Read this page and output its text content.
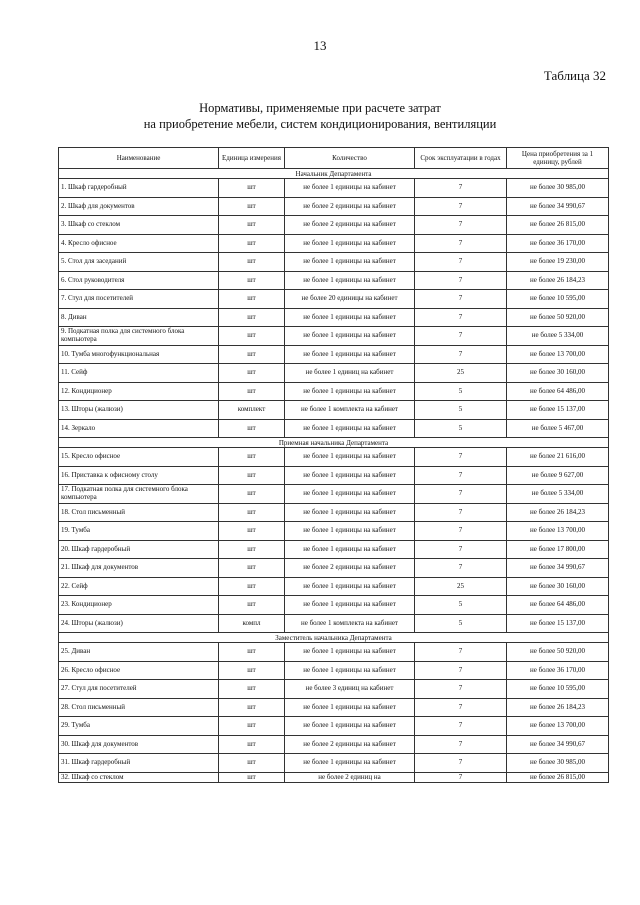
13
Таблица 32
Нормативы, применяемые при расчете затрат
на приобретение мебели, систем кондиционирования, вентиляции
Наименование	Единица измерения	Количество	Срок эксплуатации в годах	Цена приобретения за 1 единицу, рублей
Начальник Департамента				
1. Шкаф гардеробный	шт	не более 1 единицы на кабинет	7	не более 30 985,00
2. Шкаф для документов	шт	не более 2 единицы на кабинет	7	не более 34 990,67
3. Шкаф со стеклом	шт	не более 2 единицы на кабинет	7	не более 26 815,00
4. Кресло офисное	шт	не более 1 единицы на кабинет	7	не более 36 170,00
5. Стол для заседаний	шт	не более 1 единицы на кабинет	7	не более 19 230,00
6. Стол руководителя	шт	не более 1 единицы на кабинет	7	не более 26 184,23
7. Стул для посетителей	шт	не более 20 единицы на кабинет	7	не более 10 595,00
8. Диван	шт	не более 1 единицы на кабинет	7	не более 50 920,00
9. Подкатная полка для системного блока компьютера	шт	не более 1 единицы на кабинет	7	не более 5 334,00
10. Тумба многофункциональная	шт	не более 1 единицы на кабинет	7	не более 13 700,00
11. Сейф	шт	не более 1 единиц на кабинет	25	не более 30 160,00
12. Кондиционер	шт	не более 1 единицы на кабинет	5	не более 64 486,00
13. Шторы (жалюзи)	комплект	не более 1 комплекта на кабинет	5	не более 15 137,00
14. Зеркало	шт	не более 1 единицы на кабинет	5	не более 5 467,00
Приемная начальника Департамента				
15. Кресло офисное	шт	не более 1 единицы на кабинет	7	не более 21 616,00
16. Приставка к офисному столу	шт	не более 1 единицы на кабинет	7	не более 9 627,00
17. Подкатная полка для системного блока компьютера	шт	не более 1 единицы на кабинет	7	не более 5 334,00
18. Стол письменный	шт	не более 1 единицы на кабинет	7	не более 26 184,23
19. Тумба	шт	не более 1 единицы на кабинет	7	не более 13 700,00
20. Шкаф гардеробный	шт	не более 1 единицы на кабинет	7	не более 17 800,00
21. Шкаф для документов	шт	не более 2 единицы на кабинет	7	не более 34 990,67
22. Сейф	шт	не более 1 единицы на кабинет	25	не более 30 160,00
23. Кондиционер	шт	не более 1 единицы на кабинет	5	не более 64 486,00
24. Шторы (жалюзи)	компл	не более 1 комплекта на кабинет	5	не более 15 137,00
Заместитель начальника Департамента				
25. Диван	шт	не более 1 единицы на кабинет	7	не более 50 920,00
26. Кресло офисное	шт	не более 1 единицы на кабинет	7	не более 36 170,00
27. Стул для посетителей	шт	не более 3 единиц на кабинет	7	не более 10 595,00
28. Стол письменный	шт	не более 1 единицы на кабинет	7	не более 26 184,23
29. Тумба	шт	не более 1 единицы на кабинет	7	не более 13 700,00
30. Шкаф для документов	шт	не более 2 единицы на кабинет	7	не более 34 990,67
31. Шкаф гардеробный	шт	не более 1 единицы на кабинет	7	не более 30 985,00
32. Шкаф со стеклом	шт	не более 2 единиц на	7	не более 26 815,00
